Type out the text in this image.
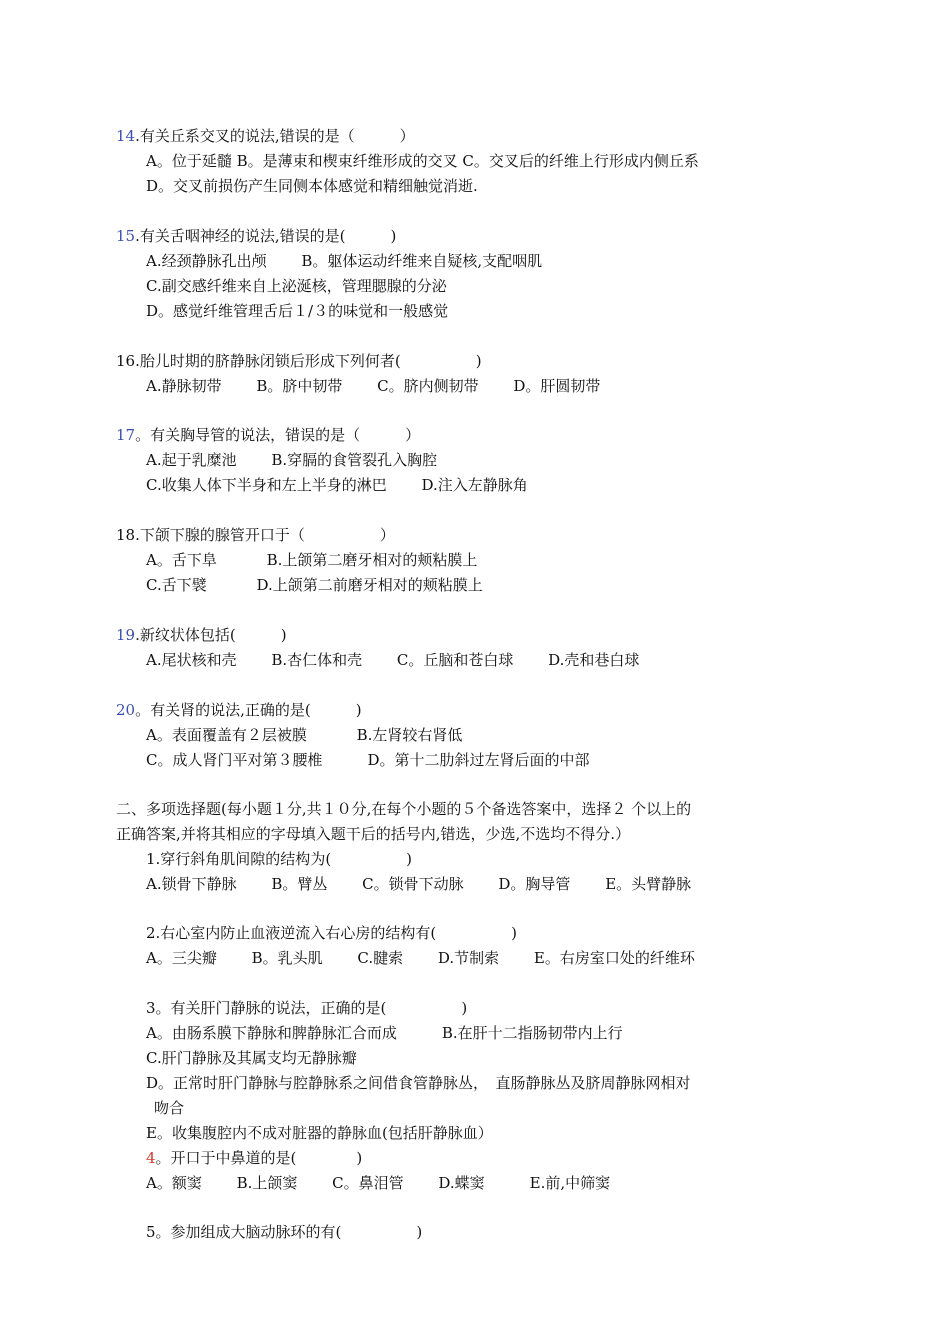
14.有关丘系交叉的说法,错误的是（　　　）
A。位于延髓 B。是薄束和楔束纤维形成的交叉 C。交叉后的纤维上行形成内侧丘系
D。交叉前损伤产生同侧本体感觉和精细触觉消逝.
15.有关舌咽神经的说法,错误的是(　　　)
A.经颈静脉孔出颅　　 B。躯体运动纤维来自疑核,支配咽肌
C.副交感纤维来自上泌涎核，管理腮腺的分泌
D。感觉纤维管理舌后１/３的味觉和一般感觉
16.胎儿时期的脐静脉闭锁后形成下列何者(　　　　　)
A.静脉韧带　　 B。脐中韧带　　 C。脐内侧韧带　　 D。肝圆韧带
17。有关胸导管的说法，错误的是（　　　）
A.起于乳糜池　　 B.穿膈的食管裂孔入胸腔
C.收集人体下半身和左上半身的淋巴　　 D.注入左静脉角
18.下颌下腺的腺管开口于（　　　　　）
A。舌下阜　　　 B.上颌第二磨牙相对的颊粘膜上
C.舌下襞　　　 D.上颌第二前磨牙相对的颊粘膜上
19.新纹状体包括(　　　)
A.尾状核和壳　　 B.杏仁体和壳　　 C。丘脑和苍白球　　 D.壳和巷白球
20。有关肾的说法,正确的是(　　　)
A。表面覆盖有２层被膜　　　 B.左肾较右肾低
C。成人肾门平对第３腰椎　　　D。第十二肋斜过左肾后面的中部
二、多项选择题(每小题１分,共１０分,在每个小题的５个备选答案中，选择２ 个以上的
正确答案,并将其相应的字母填入题干后的括号内,错选，少选,不选均不得分.）
1.穿行斜角肌间隙的结构为(　　　　　)
A.锁骨下静脉　　 B。臂丛　　 C。锁骨下动脉　　 D。胸导管　　 E。头臂静脉
2.右心室内防止血液逆流入右心房的结构有(　　　　　)
A。三尖瓣　　 B。乳头肌　　 C.腱索　　 D.节制索　　 E。右房室口处的纤维环
3。有关肝门静脉的说法，正确的是(　　　　　)
A。由肠系膜下静脉和脾静脉汇合而成　　　B.在肝十二指肠韧带内上行
C.肝门静脉及其属支均无静脉瓣
D。正常时肝门静脉与腔静脉系之间借食管静脉丛，　直肠静脉丛及脐周静脉网相对
吻合
E。收集腹腔内不成对脏器的静脉血(包括肝静脉血）
4。开口于中鼻道的是(　　　　)
A。额窦　　 B.上颌窦　　 C。鼻泪管　　 D.蝶窦　　　E.前,中筛窦
5。参加组成大脑动脉环的有(　　　　　)
